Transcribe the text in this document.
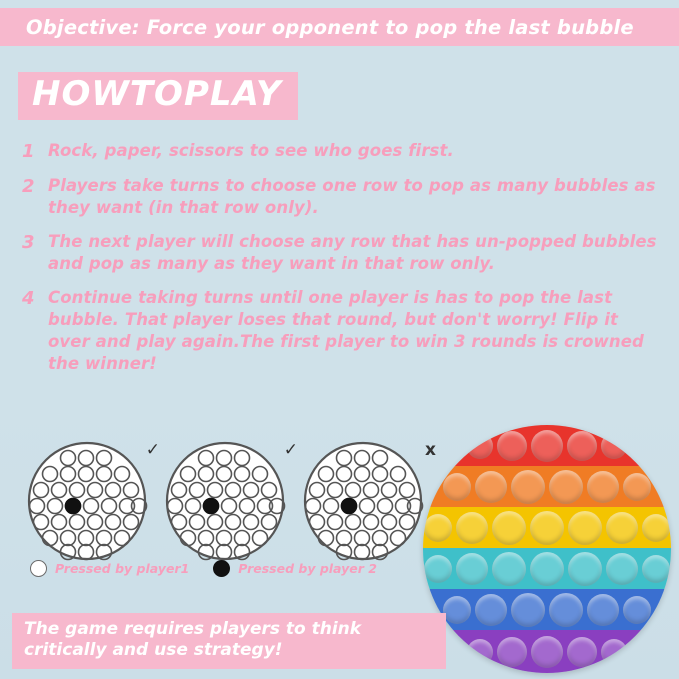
Objective: Force your opponent to pop the last bubble
HOWTOPLAY
1 Rock, paper, scissors to see who goes first.
2 Players take turns to choose one row to pop as many bubbles as they want (in that row only).
3 The next player will choose any row that has un-popped bubbles and pop as many as they want in that row only.
4 Continue taking turns until one player is has to pop the last bubble. That player loses that round, but don't worry! Flip it over and play again.The first player to win 3 rounds is crowned the winner!
✓	✓
Pressed by player1	Pressed by player 2
The game requires players to think
critically and use strategy!
